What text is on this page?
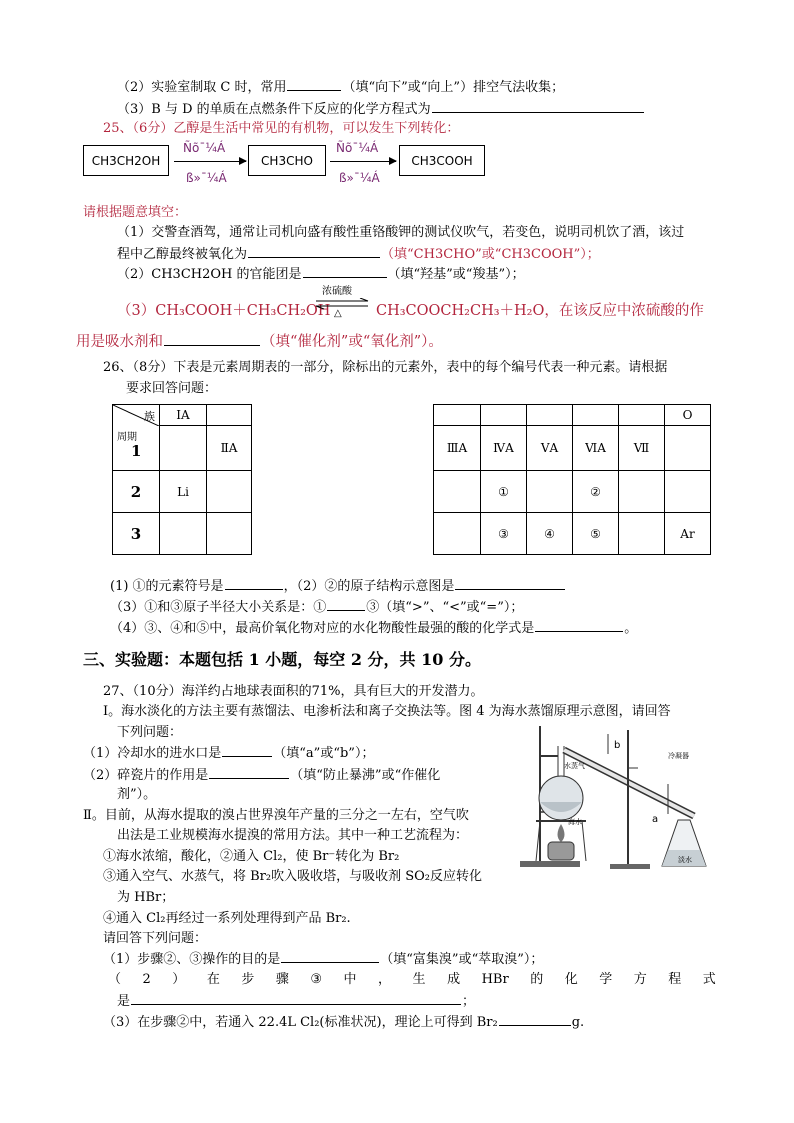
（2）实验室制取 C 时，常用	（填“向下”或“向上”）排空气法收集；
（3）B 与 D 的单质在点燃条件下反应的化学方程式为
25、（6分）乙醇是生活中常见的有机物，可以发生下列转化：
CH3CH2OH
Ñõ¯¼Á
ß»¯¼Á
CH3CHO
Ñõ¯¼Á
ß»¯¼Á
CH3COOH
请根据题意填空：
（1）交警查酒驾，通常让司机向盛有酸性重铬酸钾的测试仪吹气，若变色，说明司机饮了酒，该过
程中乙醇最终被氧化为	（填“CH3CHO”或“CH3COOH”）；
（2）CH3CH2OH 的官能团是	（填“羟基”或“羧基”）；
（3）CH₃COOH＋CH₃CH₂OH
浓硫酸
△ CH₃COOCH₂CH₃＋H₂O，在该反应中浓硫酸的作
用是吸水剂和	（填“催化剂”或“氧化剂”）。
26、（8分）下表是元素周期表的一部分，除标出的元素外，表中的每个编号代表一种元素。请根据
要求回答问题：
族	ⅠA	

周期
1		ⅡA
2	Li	
3		
					O
ⅢA	ⅣA	ⅤA	ⅥA	Ⅶ	
	①		②		
	③	④	⑤		Ar
(1) ①的元素符号是	，（2）②的原子结构示意图是
（3）①和③原子半径大小关系是：①	③（填“>”、“<”或“=”）；
（4）③、④和⑤中，最高价氧化物对应的水化物酸性最强的酸的化学式是	。
三、实验题：本题包括 1 小题，每空 2 分，共 10 分。
27、（10分）海洋约占地球表面积的71%，具有巨大的开发潜力。
Ⅰ。海水淡化的方法主要有蒸馏法、电渗析法和离子交换法等。图 4 为海水蒸馏原理示意图，请回答
下列问题：
（1）冷却水的进水口是	（填“a”或“b”）；
（2）碎瓷片的作用是	（填“防止暴沸”或“作催化
剂”）。
Ⅱ。目前，从海水提取的溴占世界溴年产量的三分之一左右，空气吹
出法是工业规模海水提溴的常用方法。其中一种工艺流程为：
①海水浓缩，酸化，②通入 Cl₂，使 Br⁻转化为 Br₂
③通入空气、水蒸气，将 Br₂吹入吸收塔，与吸收剂 SO₂反应转化
为 HBr；
④通入 Cl₂再经过一系列处理得到产品 Br₂.
请回答下列问题：
（1）步骤②、③操作的目的是	（填“富集溴”或“萃取溴”）；
（ 2 ） 在 步 骤 ③ 中 ， 生 成 HBr 的 化 学 方 程 式
是	；
（3）在步骤②中，若通入 22.4L Cl₂(标准状况)，理论上可得到 Br₂	g.
b
a
水蒸气
冷凝器
海水
淡水
